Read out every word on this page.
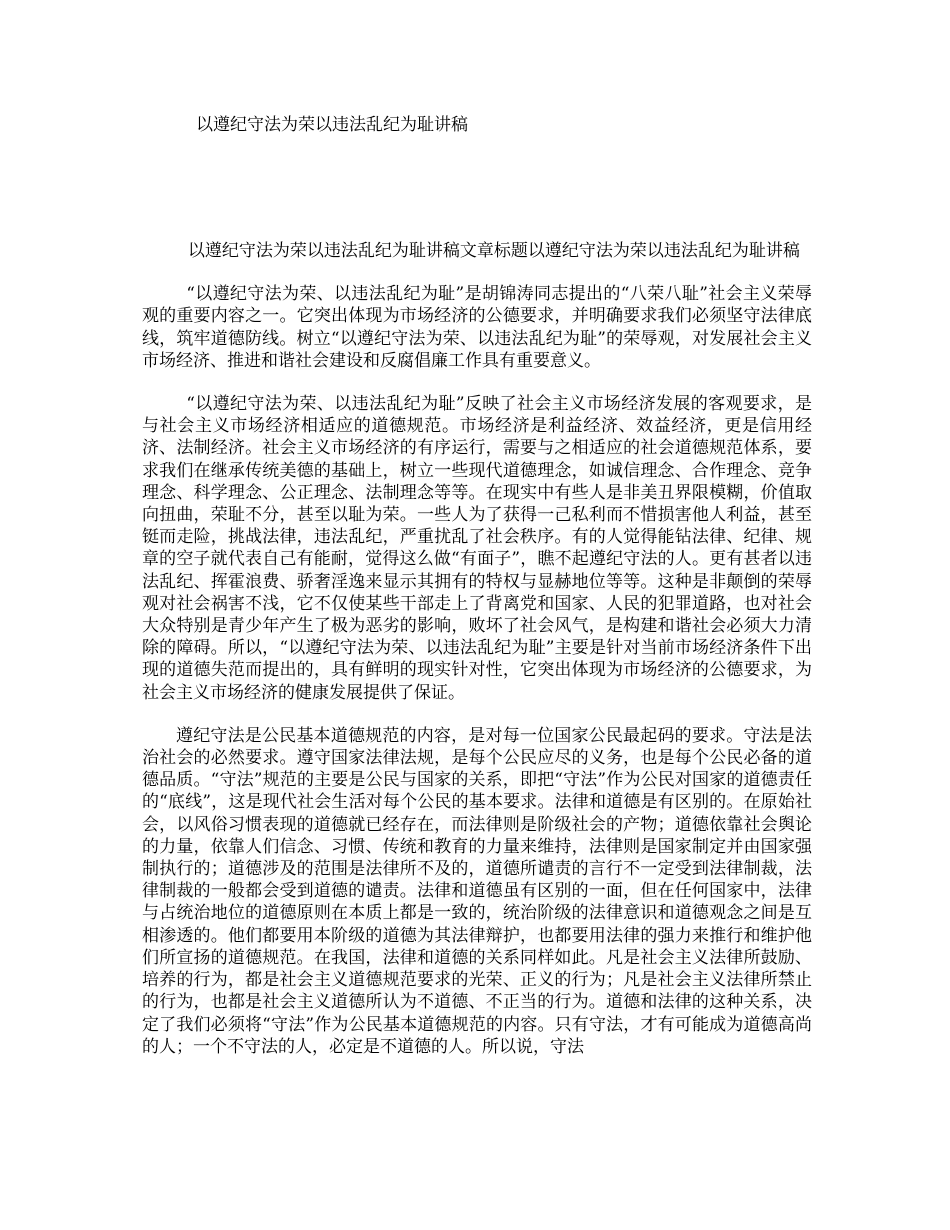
以遵纪守法为荣以违法乱纪为耻讲稿

以遵纪守法为荣以违法乱纪为耻讲稿文章标题以遵纪守法为荣以违法乱纪为耻讲稿

“以遵纪守法为荣、以违法乱纪为耻”是胡锦涛同志提出的“八荣八耻”社会主义荣辱观的重要内容之一。它突出体现为市场经济的公德要求，并明确要求我们必须坚守法律底线，筑牢道德防线。树立“以遵纪守法为荣、以违法乱纪为耻”的荣辱观，对发展社会主义市场经济、推进和谐社会建设和反腐倡廉工作具有重要意义。

“以遵纪守法为荣、以违法乱纪为耻”反映了社会主义市场经济发展的客观要求，是与社会主义市场经济相适应的道德规范。市场经济是利益经济、效益经济，更是信用经济、法制经济。社会主义市场经济的有序运行，需要与之相适应的社会道德规范体系，要求我们在继承传统美德的基础上，树立一些现代道德理念，如诚信理念、合作理念、竞争理念、科学理念、公正理念、法制理念等等。在现实中有些人是非美丑界限模糊，价值取向扭曲，荣耻不分，甚至以耻为荣。一些人为了获得一己私利而不惜损害他人利益，甚至铤而走险，挑战法律，违法乱纪，严重扰乱了社会秩序。有的人觉得能钻法律、纪律、规章的空子就代表自己有能耐，觉得这么做“有面子”，瞧不起遵纪守法的人。更有甚者以违法乱纪、挥霍浪费、骄奢淫逸来显示其拥有的特权与显赫地位等等。这种是非颠倒的荣辱观对社会祸害不浅，它不仅使某些干部走上了背离党和国家、人民的犯罪道路，也对社会大众特别是青少年产生了极为恶劣的影响，败坏了社会风气，是构建和谐社会必须大力清除的障碍。所以，“以遵纪守法为荣、以违法乱纪为耻”主要是针对当前市场经济条件下出现的道德失范而提出的，具有鲜明的现实针对性，它突出体现为市场经济的公德要求，为社会主义市场经济的健康发展提供了保证。

遵纪守法是公民基本道德规范的内容，是对每一位国家公民最起码的要求。守法是法治社会的必然要求。遵守国家法律法规，是每个公民应尽的义务，也是每个公民必备的道德品质。“守法”规范的主要是公民与国家的关系，即把“守法”作为公民对国家的道德责任的“底线”，这是现代社会生活对每个公民的基本要求。法律和道德是有区别的。在原始社会，以风俗习惯表现的道德就已经存在，而法律则是阶级社会的产物；道德依靠社会舆论的力量，依靠人们信念、习惯、传统和教育的力量来维持，法律则是国家制定并由国家强制执行的；道德涉及的范围是法律所不及的，道德所谴责的言行不一定受到法律制裁，法律制裁的一般都会受到道德的谴责。法律和道德虽有区别的一面，但在任何国家中，法律与占统治地位的道德原则在本质上都是一致的，统治阶级的法律意识和道德观念之间是互相渗透的。他们都要用本阶级的道德为其法律辩护，也都要用法律的强力来推行和维护他们所宣扬的道德规范。在我国，法律和道德的关系同样如此。凡是社会主义法律所鼓励、培养的行为，都是社会主义道德规范要求的光荣、正义的行为；凡是社会主义法律所禁止的行为，也都是社会主义道德所认为不道德、不正当的行为。道德和法律的这种关系，决定了我们必须将“守法”作为公民基本道德规范的内容。只有守法，才有可能成为道德高尚的人；一个不守法的人，必定是不道德的人。所以说，守法
